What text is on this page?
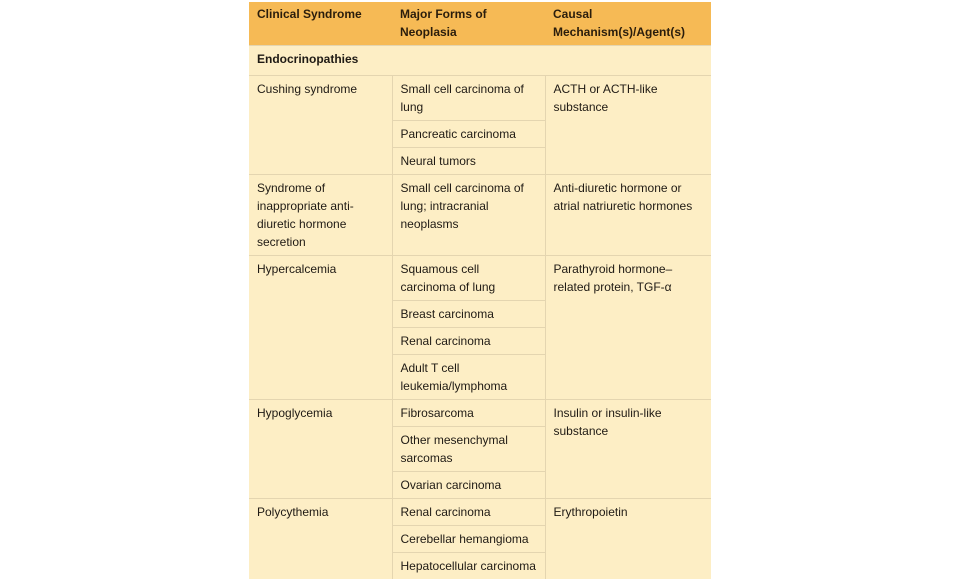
Clinical Syndrome	Major Forms of Neoplasia	Causal Mechanism(s)/Agent(s)
Endocrinopathies		
Cushing syndrome	Small cell carcinoma of lung	ACTH or ACTH-like substance
	Pancreatic carcinoma	
	Neural tumors	
Syndrome of inappropriate anti-diuretic hormone secretion	Small cell carcinoma of lung; intracranial neoplasms	Anti-diuretic hormone or atrial natriuretic hormones
Hypercalcemia	Squamous cell carcinoma of lung	Parathyroid hormone–related protein, TGF-α
	Breast carcinoma	
	Renal carcinoma	
	Adult T cell leukemia/lymphoma	
Hypoglycemia	Fibrosarcoma	Insulin or insulin-like substance
	Other mesenchymal sarcomas	
	Ovarian carcinoma	
Polycythemia	Renal carcinoma	Erythropoietin
	Cerebellar hemangioma	
	Hepatocellular carcinoma	
